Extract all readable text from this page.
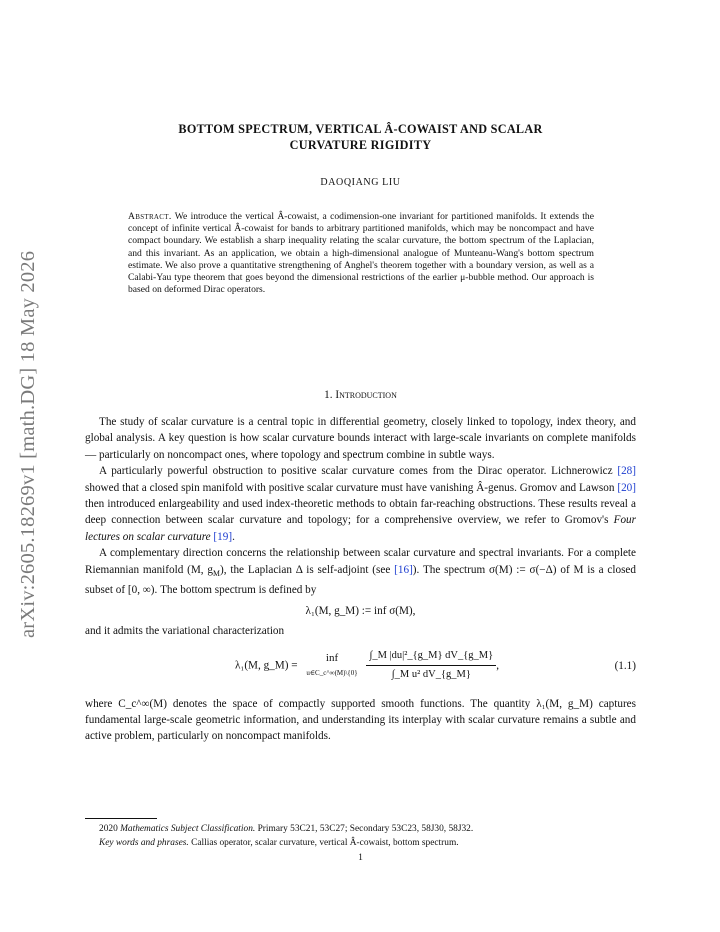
arXiv:2605.18269v1 [math.DG] 18 May 2026
BOTTOM SPECTRUM, VERTICAL Â-COWAIST AND SCALAR
CURVATURE RIGIDITY
DAOQIANG LIU
Abstract. We introduce the vertical Â-cowaist, a codimension-one invariant for partitioned manifolds. It extends the concept of infinite vertical Â-cowaist for bands to arbitrary partitioned manifolds, which may be noncompact and have compact boundary. We establish a sharp inequality relating the scalar curvature, the bottom spectrum of the Laplacian, and this invariant. As an application, we obtain a high-dimensional analogue of Munteanu-Wang's bottom spectrum estimate. We also prove a quantitative strengthening of Anghel's theorem together with a boundary version, as well as a Calabi-Yau type theorem that goes beyond the dimensional restrictions of the earlier μ-bubble method. Our approach is based on deformed Dirac operators.
1. Introduction

The study of scalar curvature is a central topic in differential geometry, closely linked to topology, index theory, and global analysis. A key question is how scalar curvature bounds interact with large-scale invariants on complete manifolds — particularly on noncompact ones, where topology and spectrum combine in subtle ways.

A particularly powerful obstruction to positive scalar curvature comes from the Dirac operator. Lichnerowicz [28] showed that a closed spin manifold with positive scalar curvature must have vanishing Â-genus. Gromov and Lawson [20] then introduced enlargeability and used index-theoretic methods to obtain far-reaching obstructions. These results reveal a deep connection between scalar curvature and topology; for a comprehensive overview, we refer to Gromov's Four lectures on scalar curvature [19].

A complementary direction concerns the relationship between scalar curvature and spectral invariants. For a complete Riemannian manifold (M, $g_M$), the Laplacian Δ is self-adjoint (see [16]). The spectrum σ(M) := σ(−Δ) of M is a closed subset of [0, ∞). The bottom spectrum is defined by

λ₁(M, g_M) := inf σ(M),

and it admits the variational characterization

λ₁(M, g_M) =
inf
u∈C_c^∞(M)\{0}
$\frac{\text{∫\_M |du|²\_\{g\_M\} dV\_\{g\_M\}}}{\text{∫\_M u² dV\_\{g\_M\}}}$ ,	(1.1)

where C_c^∞(M) denotes the space of compactly supported smooth functions. The quantity λ₁(M, g_M) captures fundamental large-scale geometric information, and understanding its interplay with scalar curvature remains a subtle and active problem, particularly on noncompact manifolds.

2020 Mathematics Subject Classification. Primary 53C21, 53C27; Secondary 53C23, 58J30, 58J32.
Key words and phrases. Callias operator, scalar curvature, vertical Â-cowaist, bottom spectrum.
1
